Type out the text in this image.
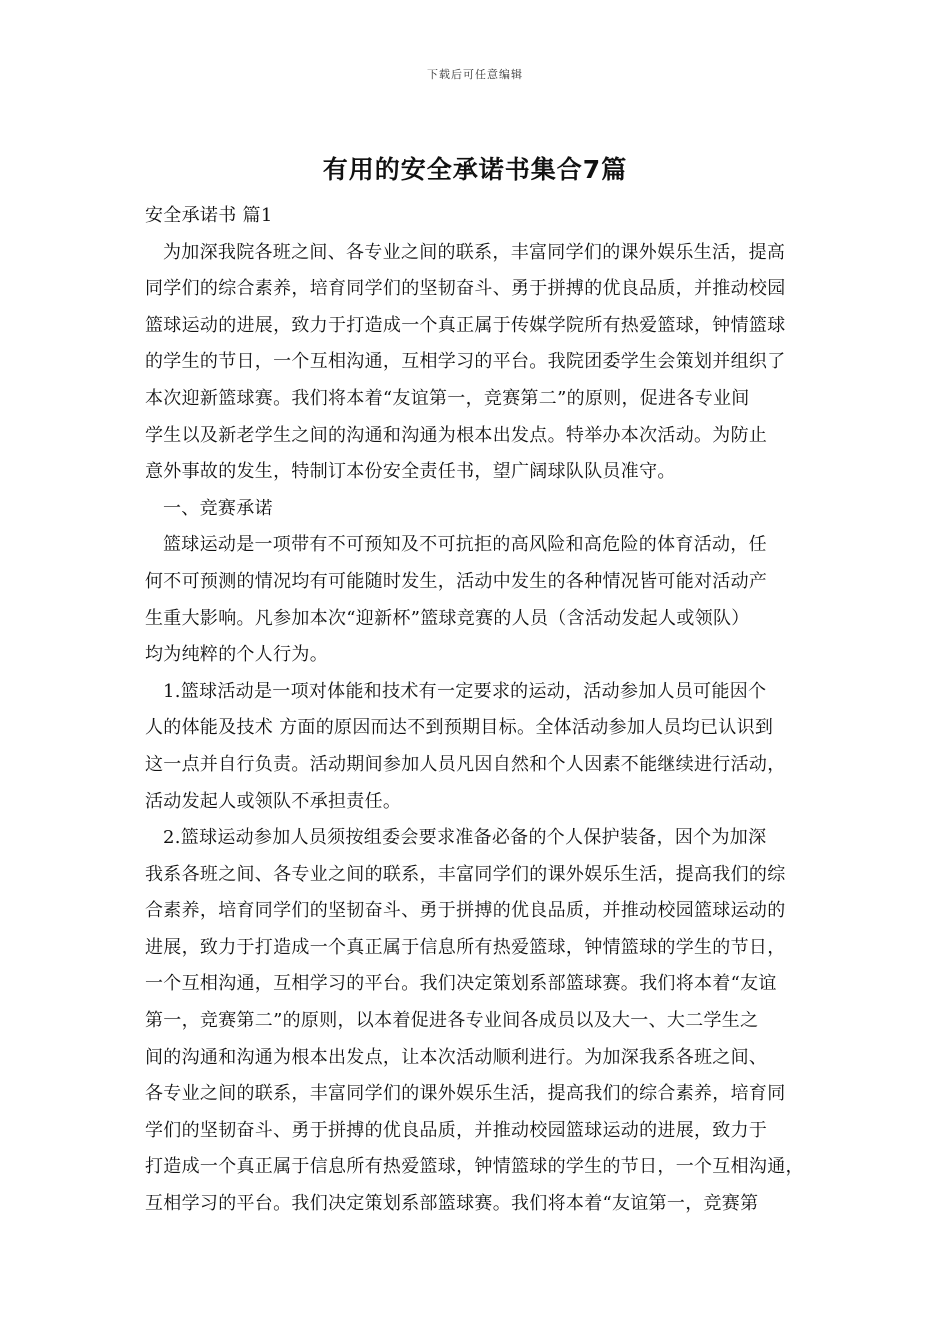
下载后可任意编辑
有用的安全承诺书集合7篇
安全承诺书 篇1
为加深我院各班之间、各专业之间的联系，丰富同学们的课外娱乐生活，提高
同学们的综合素养，培育同学们的坚韧奋斗、勇于拼搏的优良品质，并推动校园
篮球运动的进展，致力于打造成一个真正属于传媒学院所有热爱篮球，钟情篮球
的学生的节日，一个互相沟通，互相学习的平台。我院团委学生会策划并组织了
本次迎新篮球赛。我们将本着“友谊第一，竞赛第二”的原则，促进各专业间
学生以及新老学生之间的沟通和沟通为根本出发点。特举办本次活动。为防止
意外事故的发生，特制订本份安全责任书，望广阔球队队员准守。
一、竞赛承诺
篮球运动是一项带有不可预知及不可抗拒的高风险和高危险的体育活动，任
何不可预测的情况均有可能随时发生，活动中发生的各种情况皆可能对活动产
生重大影响。凡参加本次“迎新杯”篮球竞赛的人员（含活动发起人或领队）
均为纯粹的个人行为。
1.篮球活动是一项对体能和技术有一定要求的运动，活动参加人员可能因个
人的体能及技术 方面的原因而达不到预期目标。全体活动参加人员均已认识到
这一点并自行负责。活动期间参加人员凡因自然和个人因素不能继续进行活动，
活动发起人或领队不承担责任。
2.篮球运动参加人员须按组委会要求准备必备的个人保护装备，因个为加深
我系各班之间、各专业之间的联系，丰富同学们的课外娱乐生活，提高我们的综
合素养，培育同学们的坚韧奋斗、勇于拼搏的优良品质，并推动校园篮球运动的
进展，致力于打造成一个真正属于信息所有热爱篮球，钟情篮球的学生的节日，
一个互相沟通，互相学习的平台。我们决定策划系部篮球赛。我们将本着“友谊
第一，竞赛第二”的原则，以本着促进各专业间各成员以及大一、大二学生之
间的沟通和沟通为根本出发点，让本次活动顺利进行。为加深我系各班之间、
各专业之间的联系，丰富同学们的课外娱乐生活，提高我们的综合素养，培育同
学们的坚韧奋斗、勇于拼搏的优良品质，并推动校园篮球运动的进展，致力于
打造成一个真正属于信息所有热爱篮球，钟情篮球的学生的节日，一个互相沟通，
互相学习的平台。我们决定策划系部篮球赛。我们将本着“友谊第一，竞赛第
